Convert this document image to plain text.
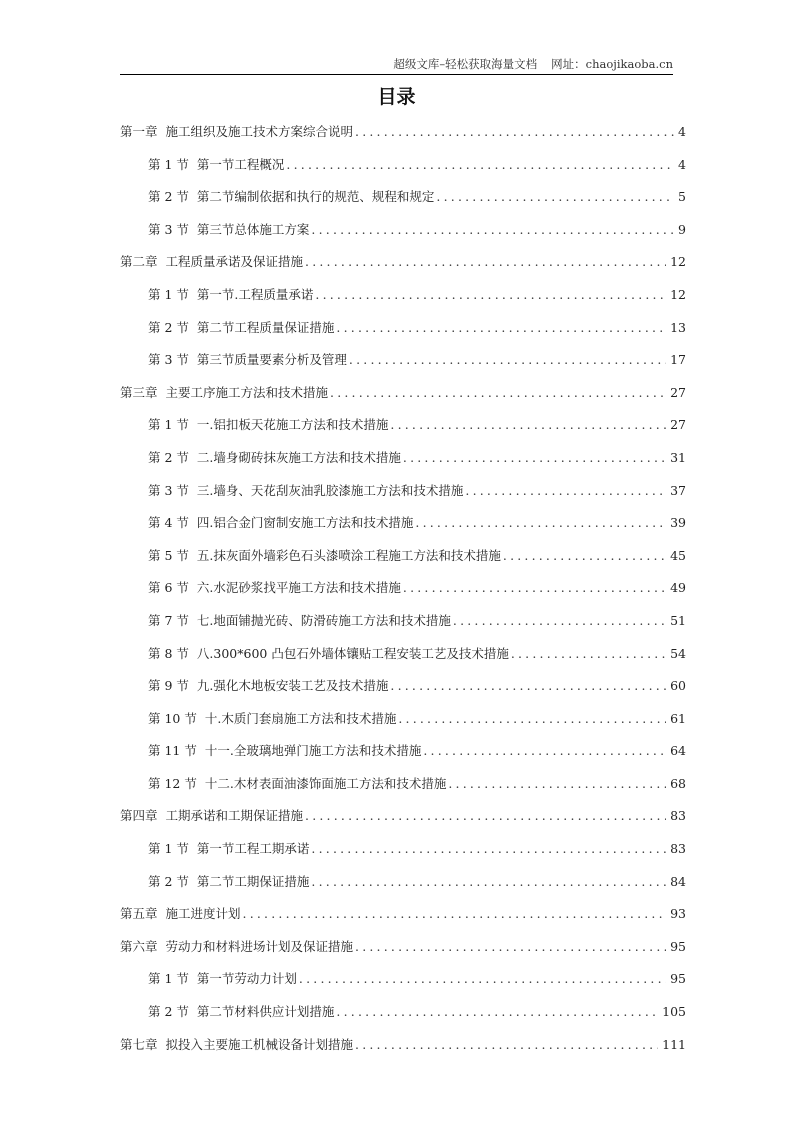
超级文库–轻松获取海量文档 网址：chaojikaoba.cn
目录
第一章 施工组织及施工技术方案综合说明 .....	4
第 1 节 第一节工程概况 .....	4
第 2 节 第二节编制依据和执行的规范、规程和规定 .....	5
第 3 节 第三节总体施工方案 .....	9
第二章 工程质量承诺及保证措施 .....	12
第 1 节 第一节.工程质量承诺 .....	12
第 2 节 第二节工程质量保证措施 .....	13
第 3 节 第三节质量要素分析及管理 .....	17
第三章 主要工序施工方法和技术措施 .....	27
第 1 节 一.铝扣板天花施工方法和技术措施 .....	27
第 2 节 二.墙身砌砖抹灰施工方法和技术措施 .....	31
第 3 节 三.墙身、天花刮灰油乳胶漆施工方法和技术措施 .....	37
第 4 节 四.铝合金门窗制安施工方法和技术措施 .....	39
第 5 节 五.抹灰面外墙彩色石头漆喷涂工程施工方法和技术措施 .....	45
第 6 节 六.水泥砂浆找平施工方法和技术措施 .....	49
第 7 节 七.地面铺抛光砖、防滑砖施工方法和技术措施 .....	51
第 8 节 八.300*600 凸包石外墙体镶贴工程安装工艺及技术措施 .....	54
第 9 节 九.强化木地板安装工艺及技术措施 .....	60
第 10 节 十.木质门套扇施工方法和技术措施 .....	61
第 11 节 十一.全玻璃地弹门施工方法和技术措施 .....	64
第 12 节 十二.木材表面油漆饰面施工方法和技术措施 .....	68
第四章 工期承诺和工期保证措施 .....	83
第 1 节 第一节工程工期承诺 .....	83
第 2 节 第二节工期保证措施 .....	84
第五章 施工进度计划 .....	93
第六章 劳动力和材料进场计划及保证措施 .....	95
第 1 节 第一节劳动力计划 .....	95
第 2 节 第二节材料供应计划措施 .....	105
第七章 拟投入主要施工机械设备计划措施 .....	111
